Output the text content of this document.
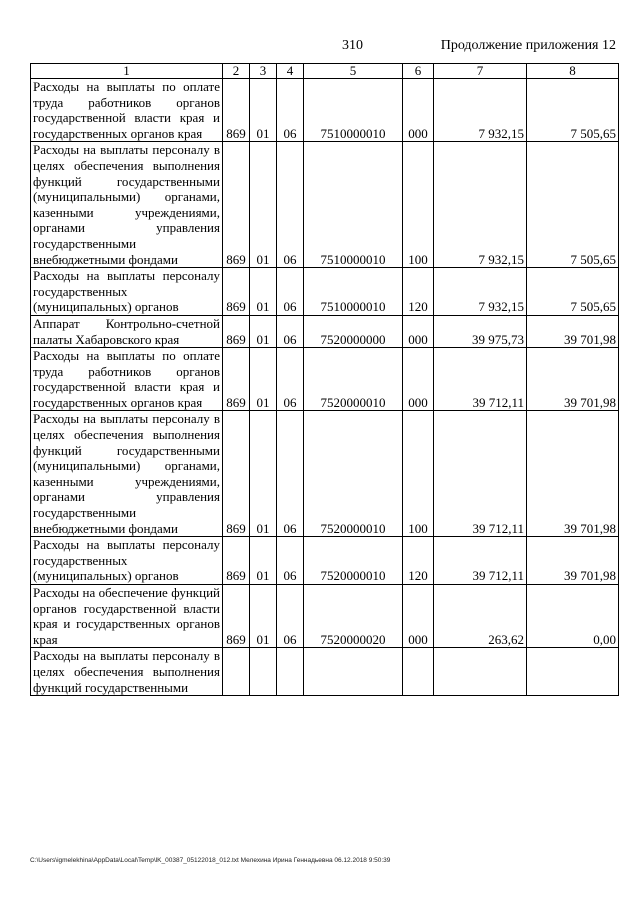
310	Продолжение приложения 12
1	2	3	4	5	6	7	8
Расходы на выплаты по оплате труда работников органов государственной власти края и государственных органов края	869	01	06	7510000010	000	7 932,15	7 505,65
Расходы на выплаты персоналу в целях обеспечения выполнения функций государственными (муниципальными) органами, казенными учреждениями, органами управления государственными внебюджетными фондами	869	01	06	7510000010	100	7 932,15	7 505,65
Расходы на выплаты персоналу государственных (муниципальных) органов	869	01	06	7510000010	120	7 932,15	7 505,65
Аппарат Контрольно-счетной палаты Хабаровского края	869	01	06	7520000000	000	39 975,73	39 701,98
Расходы на выплаты по оплате труда работников органов государственной власти края и государственных органов края	869	01	06	7520000010	000	39 712,11	39 701,98
Расходы на выплаты персоналу в целях обеспечения выполнения функций государственными (муниципальными) органами, казенными учреждениями, органами управления государственными внебюджетными фондами	869	01	06	7520000010	100	39 712,11	39 701,98
Расходы на выплаты персоналу государственных (муниципальных) органов	869	01	06	7520000010	120	39 712,11	39 701,98
Расходы на обеспечение функций органов государственной власти края и государственных органов края	869	01	06	7520000020	000	263,62	0,00
Расходы на выплаты персоналу в целях обеспечения выполнения функций государственными							
C:\Users\igmelekhina\AppData\Local\Temp\lK_00387_05122018_012.txt Мелехина Ирина Геннадьевна 06.12.2018 9:50:39
